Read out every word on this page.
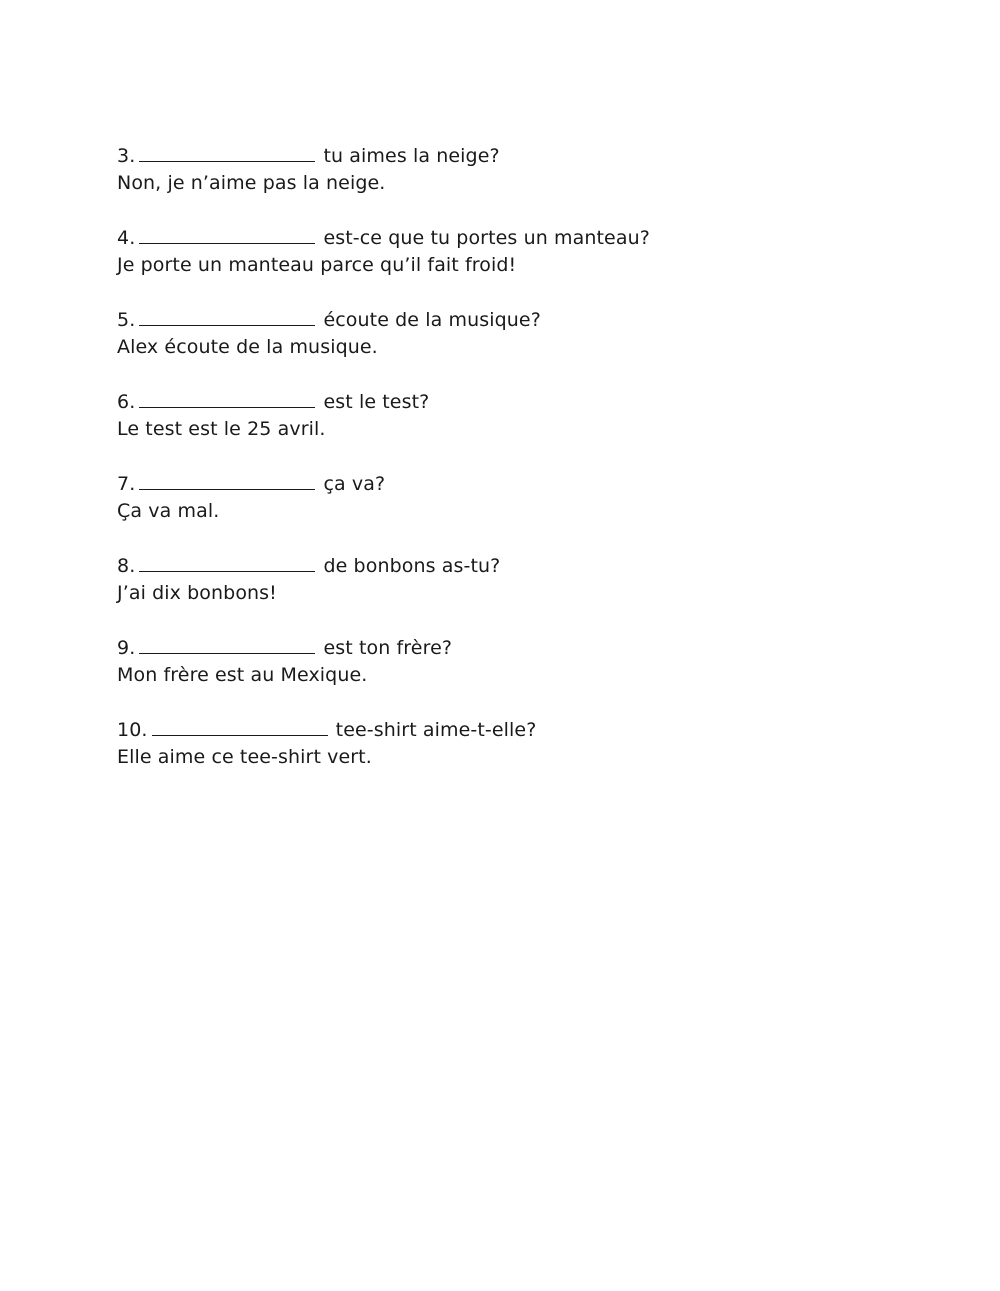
3.	tu aimes la neige?
Non, je n’aime pas la neige.
4.	est-ce que tu portes un manteau?
Je porte un manteau parce qu’il fait froid!
5.	écoute de la musique?
Alex écoute de la musique.
6.	est le test?
Le test est le 25 avril.
7.	ça va?
Ça va mal.
8.	de bonbons as-tu?
J’ai dix bonbons!
9.	est ton frère?
Mon frère est au Mexique.
10.	tee-shirt aime-t-elle?
Elle aime ce tee-shirt vert.
